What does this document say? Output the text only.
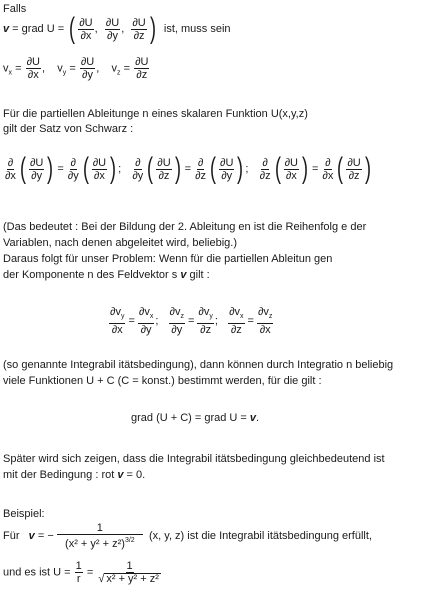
Falls
v = grad U = ( $\frac{\partial U}{\partial x}$ , $\frac{\partial U}{\partial y}$ , $\frac{\partial U}{\partial z}$ ) ist, muss sein
$v_x = \frac{\partial U}{\partial x}$ , $v_y = \frac{\partial U}{\partial y}$ , $v_z = \frac{\partial U}{\partial z}$
Für die partiellen Ableitunge n eines skalaren Funktion U(x,y,z)
gilt der Satz von Schwarz :
$\frac{\partial}{\partial x}$ ( $\frac{\partial U}{\partial y}$ ) = $\frac{\partial}{\partial y}$ ( $\frac{\partial U}{\partial x}$ ) ; $\frac{\partial}{\partial y}$ ( $\frac{\partial U}{\partial z}$ ) = $\frac{\partial}{\partial z}$ ( $\frac{\partial U}{\partial y}$ ) ; $\frac{\partial}{\partial z}$ ( $\frac{\partial U}{\partial x}$ ) = $\frac{\partial}{\partial x}$ ( $\frac{\partial U}{\partial z}$ )
(Das bedeutet : Bei der Bildung der 2. Ableitung en ist die Reihenfolg e der
Variablen, nach denen abgeleitet wird, beliebig.)
Daraus folgt für unser Problem: Wenn für die partiellen Ableitun gen
der Komponente n des Feldvektor s v gilt :
$\frac{\partial v_y}{\partial x} = \frac{\partial v_x}{\partial y}$ ; $\frac{\partial v_z}{\partial y} = \frac{\partial v_y}{\partial z}$ ; $\frac{\partial v_x}{\partial z} = \frac{\partial v_z}{\partial x}$
(so genannte Integrabil itätsbedingung), dann können durch Integratio n beliebig
viele Funktionen U + C (C = konst.) bestimmt werden, für die gilt :
grad (U + C) = grad U = v.
Später wird sich zeigen, dass die Integrabil itätsbedingung gleichbedeutend ist
mit der Bedingung : rot v = 0.
Beispiel:
Für v = − $\frac{1}{(x^2 + y^2 + z^2)^{3/2}} (x$, y, z) ist die Integrabil itätsbedingung erfüllt,
und es ist $U = \frac{1}{r} = \frac{1}{\text{√ x² + y² + z²}}$
